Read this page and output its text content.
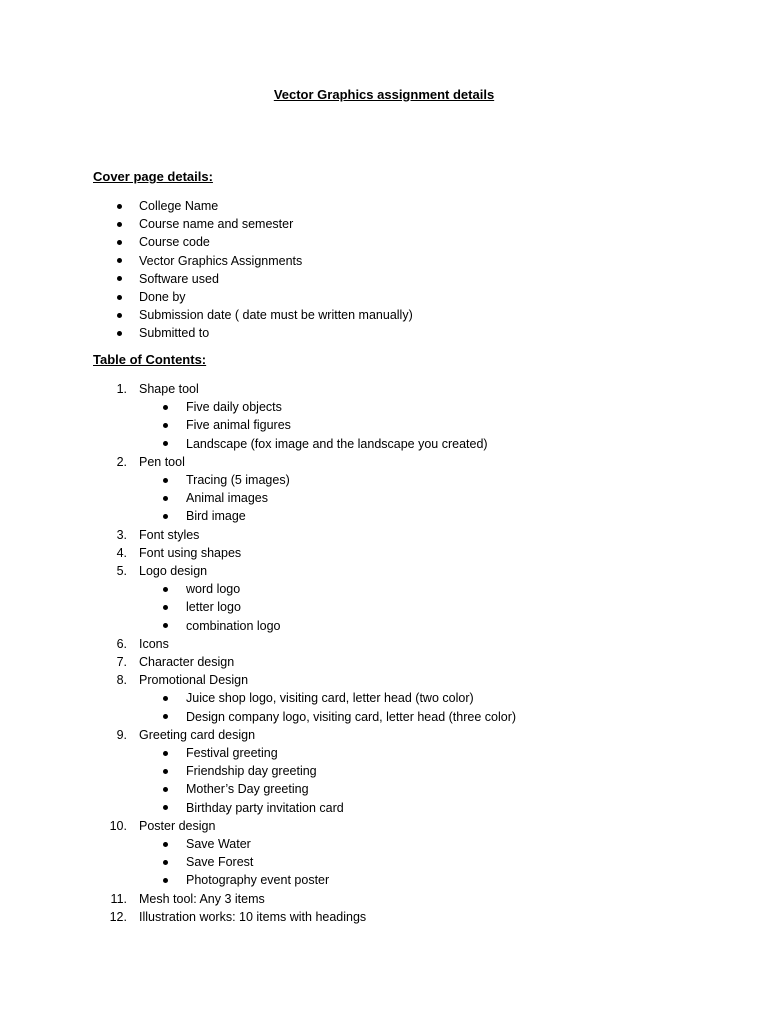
Vector Graphics assignment details
Cover page details:
College Name
Course name and semester
Course code
Vector Graphics Assignments
Software used
Done by
Submission date ( date must be written manually)
Submitted to
Table of Contents:
1. Shape tool
Five daily objects
Five animal figures
Landscape (fox image and the landscape you created)
2. Pen tool
Tracing (5 images)
Animal images
Bird image
3. Font styles
4. Font using shapes
5. Logo design
word logo
letter logo
combination logo
6. Icons
7. Character design
8. Promotional Design
Juice shop logo, visiting card, letter head (two color)
Design company logo, visiting card, letter head (three color)
9. Greeting card design
Festival greeting
Friendship day greeting
Mother’s Day greeting
Birthday party invitation card
10. Poster design
Save Water
Save Forest
Photography event poster
11. Mesh tool: Any 3 items
12. Illustration works: 10 items with headings
